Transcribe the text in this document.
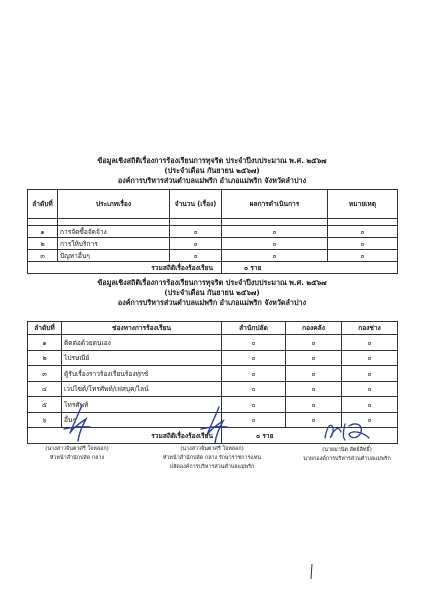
ข้อมูลเชิงสถิติเรื่องการร้องเรียนการทุจริต ประจำปีงบประมาณ พ.ศ. ๒๕๖๗
(ประจำเดือน กันยายน ๒๕๖๗)
องค์การบริหารส่วนตำบลแม่พริก อำเภอแม่พริก จังหวัดลำปาง
ลำดับที่	ประเภทเรื่อง	จำนวน (เรื่อง)	ผลการดำเนินการ	หมายเหตุ

๑	การจัดซื้อจัดจ้าง	๐	๐	๐
๒	การให้บริการ	๐	๐	๐
๓	ปัญหาอื่นๆ	๐	๐	๐
รวมสถิติเรื่องร้องเรียน			๐ ราย	
ข้อมูลเชิงสถิติเรื่องการร้องเรียนการทุจริต ประจำปีงบประมาณ พ.ศ. ๒๕๖๗
(ประจำเดือน กันยายน ๒๕๖๗)
องค์การบริหารส่วนตำบลแม่พริก อำเภอแม่พริก จังหวัดลำปาง
ลำดับที่	ช่องทางการร้องเรียน	สำนักปลัด	กองคลัง	กองช่าง
๑	ติดต่อด้วยตนเอง	๐	๐	๐
๒	ไปรษณีย์	๐	๐	๐
๓	ตู้รับเรื่องราวร้องเรียนร้องทุกข์	๐	๐	๐
๔	เวปไซต์/โทรศัพท์/เฟสบุค/ไลน์	๐	๐	๐
๕	โทรศัพท์	๐	๐	๐
๖	อื่นๆ	๐	๐	๐
รวมสถิติเรื่องร้องเรียน		๐ ราย		
(นางสาวจินตาศรี ใจหลอก)
หัวหน้าสำนักปลัด กลาง
(นางสาวจินตาศรี ใจหลอก)
หัวหน้าสำนักปลัด กลาง รักษาราชการแทน
ปลัดองค์การบริหารส่วนตำบลแม่พริก
(นายมานิต สัตย์สิทธิ์)
นายกองค์การบริหารส่วนตำบลแม่พริก
